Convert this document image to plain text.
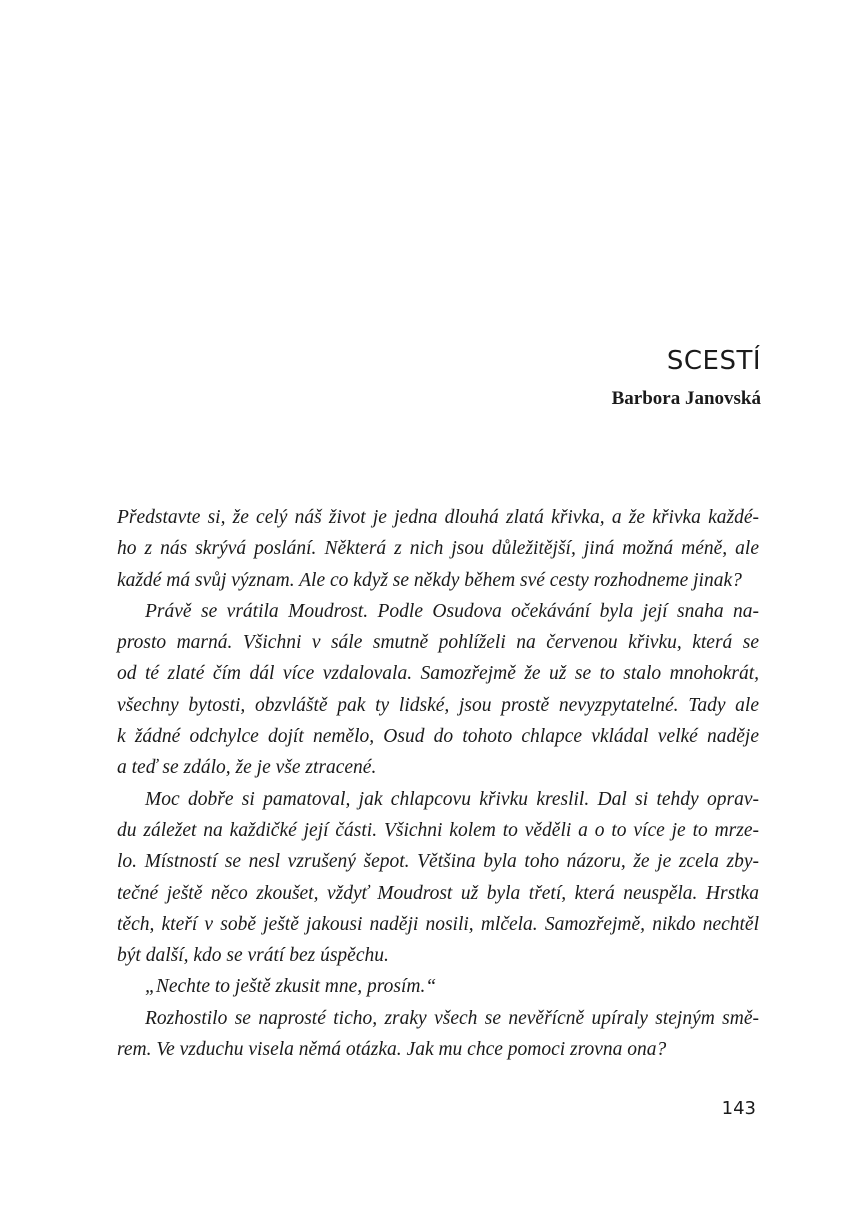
SCESTÍ
Barbora Janovská

Představte si, že celý náš život je jedna dlouhá zlatá křivka, a že křivka každé-
ho z nás skrývá poslání. Některá z nich jsou důležitější, jiná možná méně, ale
každé má svůj význam. Ale co když se někdy během své cesty rozhodneme jinak?

Právě se vrátila Moudrost. Podle Osudova očekávání byla její snaha na-
prosto marná. Všichni v sále smutně pohlíželi na červenou křivku, která se
od té zlaté čím dál více vzdalovala. Samozřejmě že už se to stalo mnohokrát,
všechny bytosti, obzvláště pak ty lidské, jsou prostě nevyzpytatelné. Tady ale
k žádné odchylce dojít nemělo, Osud do tohoto chlapce vkládal velké naděje
a teď se zdálo, že je vše ztracené.

Moc dobře si pamatoval, jak chlapcovu křivku kreslil. Dal si tehdy oprav-
du záležet na každičké její části. Všichni kolem to věděli a o to více je to mrze-
lo. Místností se nesl vzrušený šepot. Většina byla toho názoru, že je zcela zby-
tečné ještě něco zkoušet, vždyť Moudrost už byla třetí, která neuspěla. Hrstka
těch, kteří v sobě ještě jakousi naději nosili, mlčela. Samozřejmě, nikdo nechtěl
být další, kdo se vrátí bez úspěchu.

„Nechte to ještě zkusit mne, prosím.“

Rozhostilo se naprosté ticho, zraky všech se nevěřícně upíraly stejným smě-
rem. Ve vzduchu visela němá otázka. Jak mu chce pomoci zrovna ona?

143
